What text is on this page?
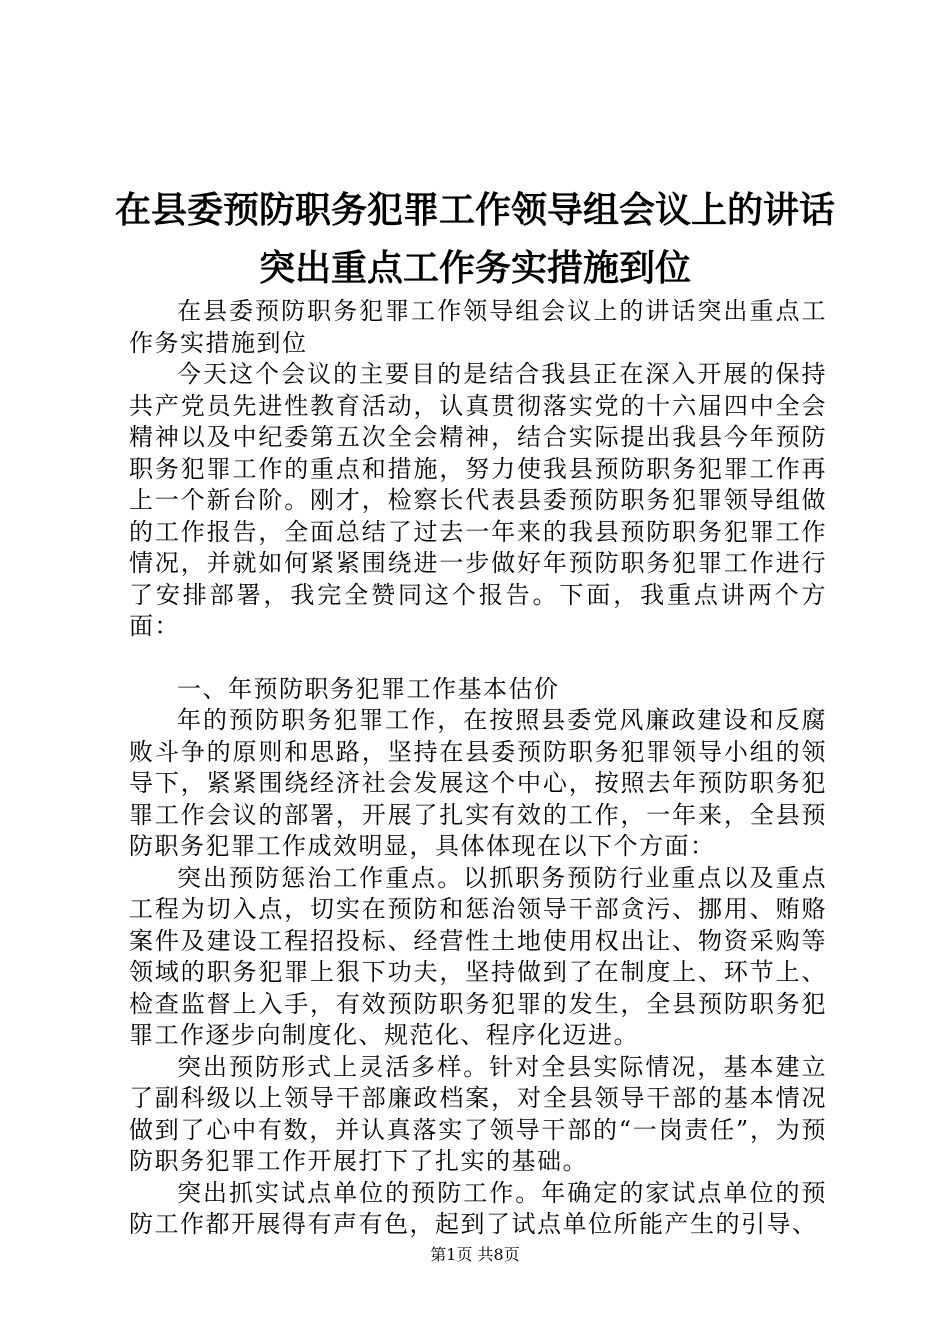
在县委预防职务犯罪工作领导组会议上的讲话
突出重点工作务实措施到位

在县委预防职务犯罪工作领导组会议上的讲话突出重点工作务实措施到位

今天这个会议的主要目的是结合我县正在深入开展的保持共产党员先进性教育活动，认真贯彻落实党的十六届四中全会精神以及中纪委第五次全会精神，结合实际提出我县今年预防职务犯罪工作的重点和措施，努力使我县预防职务犯罪工作再上一个新台阶。刚才，检察长代表县委预防职务犯罪领导组做的工作报告，全面总结了过去一年来的我县预防职务犯罪工作情况，并就如何紧紧围绕进一步做好年预防职务犯罪工作进行了安排部署，我完全赞同这个报告。下面，我重点讲两个方面：

一、年预防职务犯罪工作基本估价

年的预防职务犯罪工作，在按照县委党风廉政建设和反腐败斗争的原则和思路，坚持在县委预防职务犯罪领导小组的领导下，紧紧围绕经济社会发展这个中心，按照去年预防职务犯罪工作会议的部署，开展了扎实有效的工作，一年来，全县预防职务犯罪工作成效明显，具体体现在以下个方面：

突出预防惩治工作重点。以抓职务预防行业重点以及重点工程为切入点，切实在预防和惩治领导干部贪污、挪用、贿赂案件及建设工程招投标、经营性土地使用权出让、物资采购等领域的职务犯罪上狠下功夫，坚持做到了在制度上、环节上、检查监督上入手，有效预防职务犯罪的发生，全县预防职务犯罪工作逐步向制度化、规范化、程序化迈进。

突出预防形式上灵活多样。针对全县实际情况，基本建立了副科级以上领导干部廉政档案，对全县领导干部的基本情况做到了心中有数，并认真落实了领导干部的“一岗责任”，为预防职务犯罪工作开展打下了扎实的基础。

突出抓实试点单位的预防工作。年确定的家试点单位的预防工作都开展得有声有色，起到了试点单位所能产生的引导、

第1页 共8页
